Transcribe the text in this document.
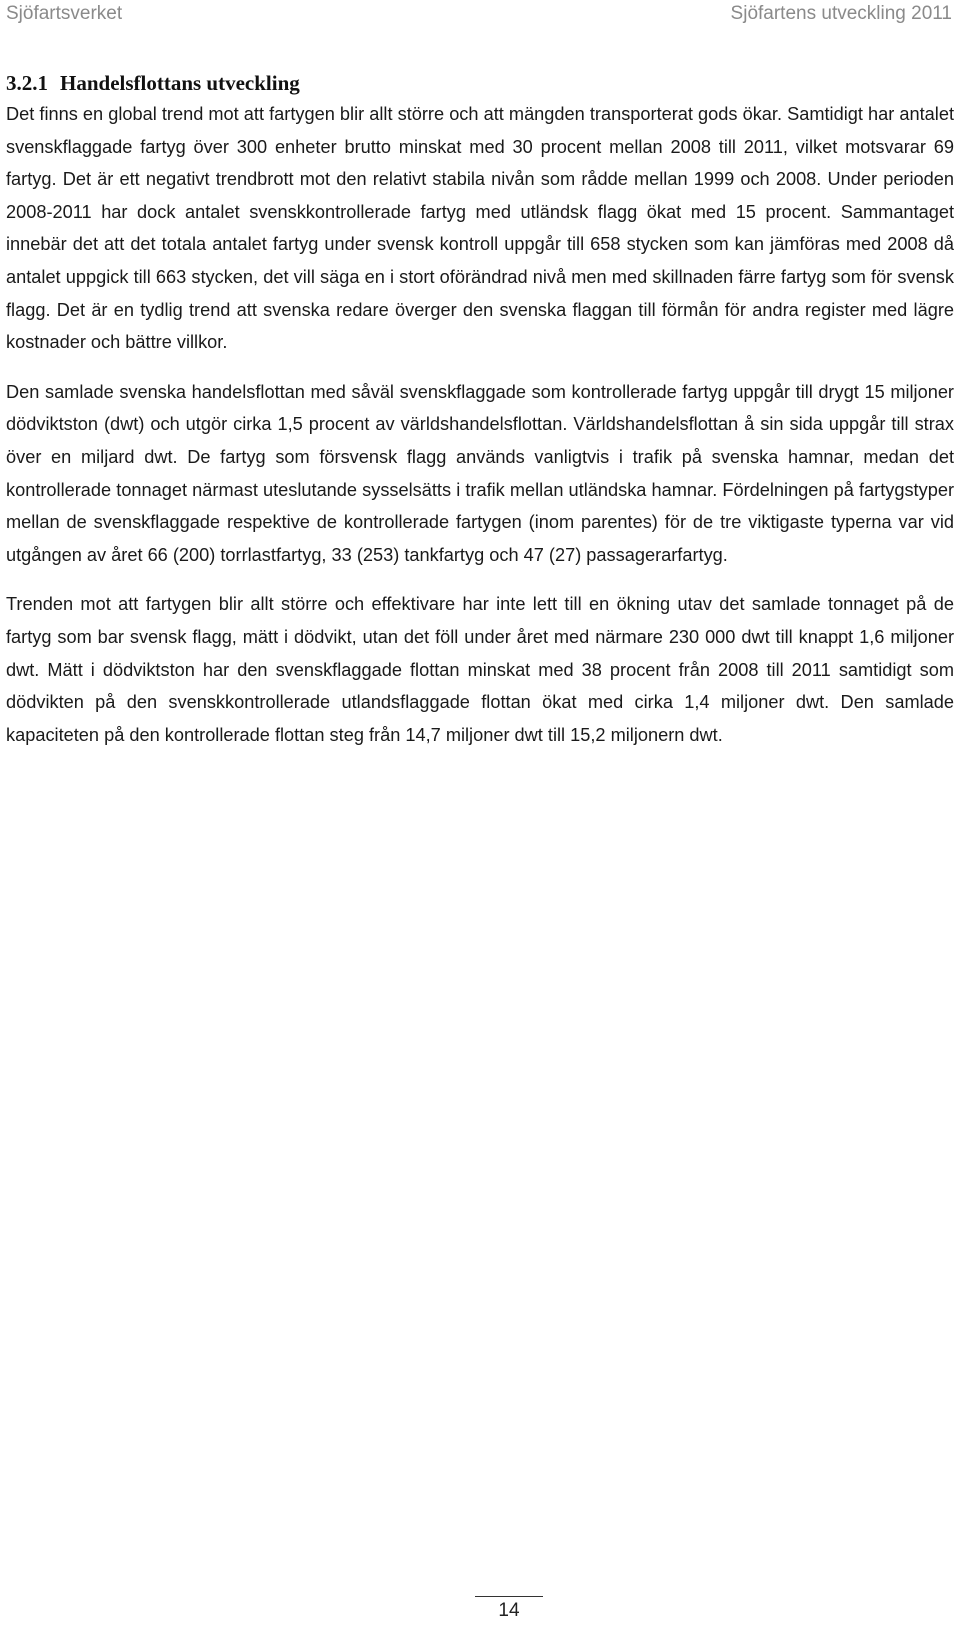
Sjöfartsverket	Sjöfartens utveckling 2011
3.2.1 Handelsflottans utveckling

Det finns en global trend mot att fartygen blir allt större och att mängden transporterat gods ökar. Samtidigt har antalet svenskflaggade fartyg över 300 enheter brutto minskat med 30 procent mellan 2008 till 2011, vilket motsvarar 69 fartyg. Det är ett negativt trendbrott mot den relativt stabila nivån som rådde mellan 1999 och 2008. Under perioden 2008-2011 har dock antalet svenskkontrollerade fartyg med utländsk flagg ökat med 15 procent. Sammantaget innebär det att det totala antalet fartyg under svensk kontroll uppgår till 658 stycken som kan jämföras med 2008 då antalet uppgick till 663 stycken, det vill säga en i stort oförändrad nivå men med skillnaden färre fartyg som för svensk flagg. Det är en tydlig trend att svenska redare överger den svenska flaggan till förmån för andra register med lägre kostnader och bättre villkor.

Den samlade svenska handelsflottan med såväl svenskflaggade som kontrollerade fartyg uppgår till drygt 15 miljoner dödviktston (dwt) och utgör cirka 1,5 procent av världshandelsflottan. Världshandelsflottan å sin sida uppgår till strax över en miljard dwt. De fartyg som försvensk flagg används vanligtvis i trafik på svenska hamnar, medan det kontrollerade tonnaget närmast uteslutande sysselsätts i trafik mellan utländska hamnar. Fördelningen på fartygstyper mellan de svenskflaggade respektive de kontrollerade fartygen (inom parentes) för de tre viktigaste typerna var vid utgången av året 66 (200) torrlastfartyg, 33 (253) tankfartyg och 47 (27) passagerarfartyg.

Trenden mot att fartygen blir allt större och effektivare har inte lett till en ökning utav det samlade tonnaget på de fartyg som bar svensk flagg, mätt i dödvikt, utan det föll under året med närmare 230 000 dwt till knappt 1,6 miljoner dwt. Mätt i dödviktston har den svenskflaggade flottan minskat med 38 procent från 2008 till 2011 samtidigt som dödvikten på den svenskkontrollerade utlandsflaggade flottan ökat med cirka 1,4 miljoner dwt. Den samlade kapaciteten på den kontrollerade flottan steg från 14,7 miljoner dwt till 15,2 miljonern dwt.

14
